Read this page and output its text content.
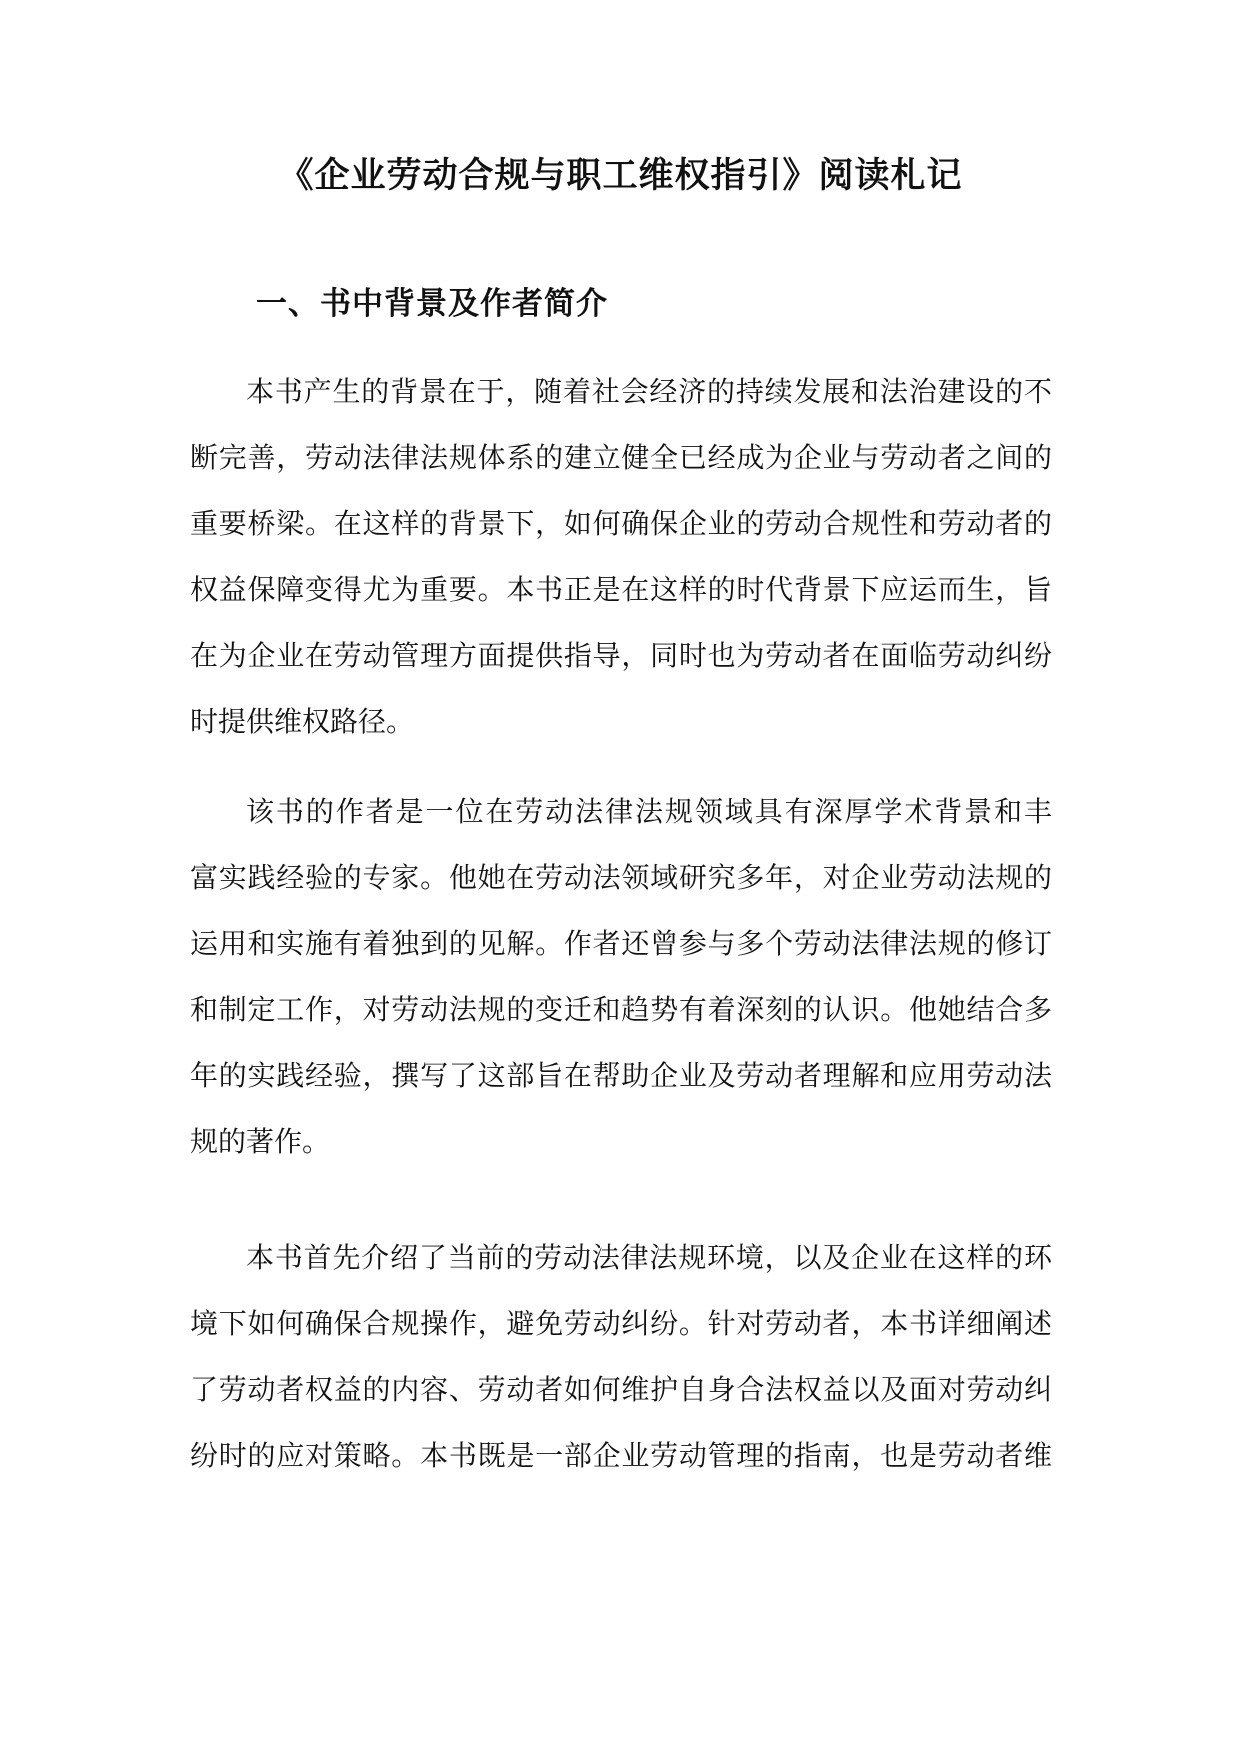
《企业劳动合规与职工维权指引》阅读札记
一、书中背景及作者简介
本书产生的背景在于，随着社会经济的持续发展和法治建设的不
断完善，劳动法律法规体系的建立健全已经成为企业与劳动者之间的
重要桥梁。在这样的背景下，如何确保企业的劳动合规性和劳动者的
权益保障变得尤为重要。本书正是在这样的时代背景下应运而生，旨
在为企业在劳动管理方面提供指导，同时也为劳动者在面临劳动纠纷
时提供维权路径。
该书的作者是一位在劳动法律法规领域具有深厚学术背景和丰
富实践经验的专家。他她在劳动法领域研究多年，对企业劳动法规的
运用和实施有着独到的见解。作者还曾参与多个劳动法律法规的修订
和制定工作，对劳动法规的变迁和趋势有着深刻的认识。他她结合多
年的实践经验，撰写了这部旨在帮助企业及劳动者理解和应用劳动法
规的著作。
本书首先介绍了当前的劳动法律法规环境，以及企业在这样的环
境下如何确保合规操作，避免劳动纠纷。针对劳动者，本书详细阐述
了劳动者权益的内容、劳动者如何维护自身合法权益以及面对劳动纠
纷时的应对策略。本书既是一部企业劳动管理的指南，也是劳动者维
